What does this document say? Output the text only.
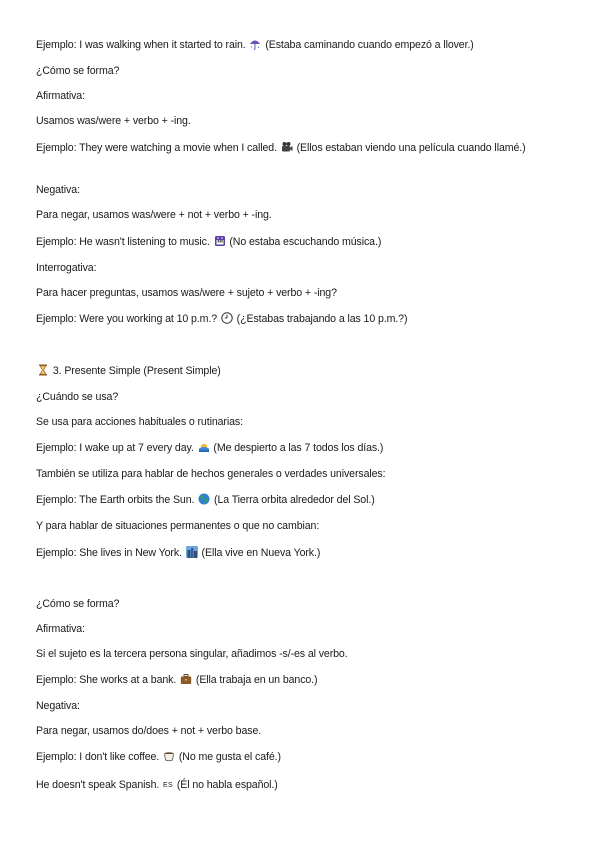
Ejemplo: I was walking when it started to rain.
(Estaba caminando cuando empezó a llover.)
¿Cómo se forma?
Afirmativa:
Usamos was/were + verbo + -ing.
Ejemplo: They were watching a movie when I called.
(Ellos estaban viendo una película cuando llamé.)
Negativa:
Para negar, usamos was/were + not + verbo + -ing.
Ejemplo: He wasn't listening to music.
(No estaba escuchando música.)
Interrogativa:
Para hacer preguntas, usamos was/were + sujeto + verbo + -ing?
Ejemplo: Were you working at 10 p.m.?
(¿Estabas trabajando a las 10 p.m.?)
3. Presente Simple (Present Simple)
¿Cuándo se usa?
Se usa para acciones habituales o rutinarias:
Ejemplo: I wake up at 7 every day.
(Me despierto a las 7 todos los días.)
También se utiliza para hablar de hechos generales o verdades universales:
Ejemplo: The Earth orbits the Sun.
(La Tierra orbita alrededor del Sol.)
Y para hablar de situaciones permanentes o que no cambian:
Ejemplo: She lives in New York.
(Ella vive en Nueva York.)
¿Cómo se forma?
Afirmativa:
Si el sujeto es la tercera persona singular, añadimos -s/-es al verbo.
Ejemplo: She works at a bank.
(Ella trabaja en un banco.)
Negativa:
Para negar, usamos do/does + not + verbo base.
Ejemplo: I don't like coffee.
(No me gusta el café.)
He doesn't speak Spanish. ES (Él no habla español.)
